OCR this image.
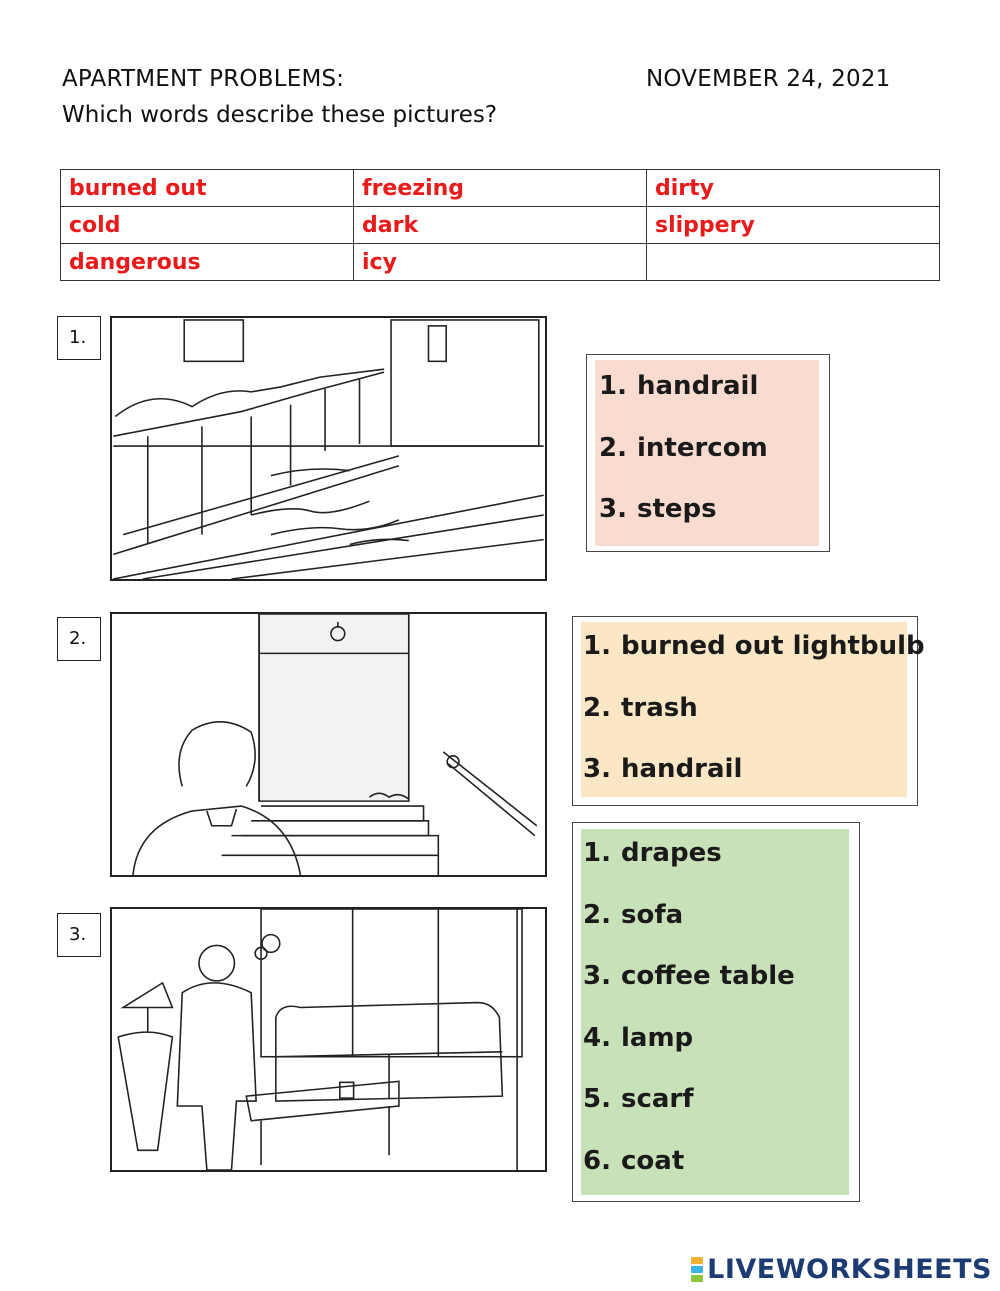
APARTMENT PROBLEMS:	NOVEMBER 24, 2021
Which words describe these pictures?
burned out	freezing	dirty
cold	dark	slippery
dangerous	icy	
1.
1. handrail
2. intercom
3. steps
2.	1. burned out lightbulb
2. trash
3. handrail
3.
1. drapes
2. sofa
3. coffee table
4. lamp
5. scarf
6. coat
LIVEWORKSHEETS
